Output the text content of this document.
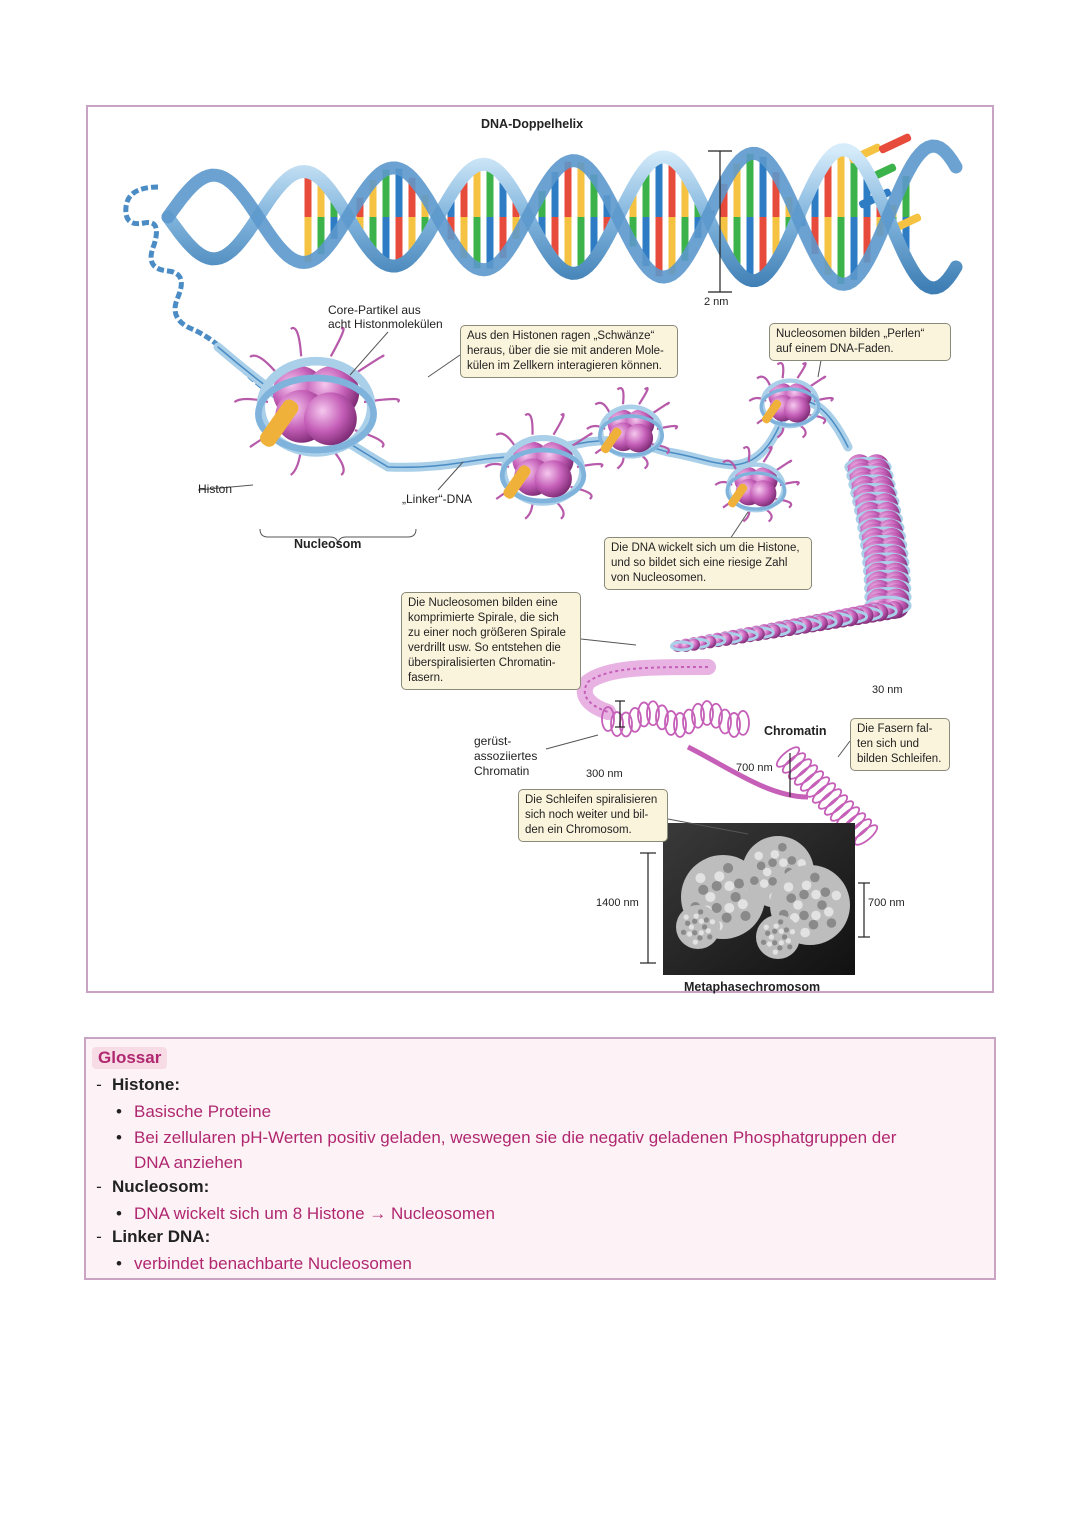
DNA-Doppelhelix
2 nm
Core-Partikel aus
acht Histonmolekülen
Histon
Nucleosom
„Linker“-DNA
Chromatin
30 nm
300 nm	700 nm
700 nm
1400 nm
gerüst-
assoziiertes
Chromatin
Metaphasechromosom
Aus den Histonen ragen „Schwänze“
heraus, über die sie mit anderen Mole-
külen im Zellkern interagieren können.
Nucleosomen bilden „Perlen“
auf einem DNA-Faden.
Die DNA wickelt sich um die Histone,
und so bildet sich eine riesige Zahl
von Nucleosomen.
Die Nucleosomen bilden eine
komprimierte Spirale, die sich
zu einer noch größeren Spirale
verdrillt usw. So entstehen die
überspiralisierten Chromatin-
fasern.
Die Fasern fal-
ten sich und
bilden Schleifen.
Die Schleifen spiralisieren
sich noch weiter und bil-
den ein Chromosom.
Glossar
- Histone:
• Basische Proteine
• Bei zellularen pH-Werten positiv geladen, weswegen sie die negativ geladenen Phosphatgruppen der
DNA anziehen
- Nucleosom:
• DNA wickelt sich um 8 Histone → Nucleosomen
- Linker DNA:
• verbindet benachbarte Nucleosomen
